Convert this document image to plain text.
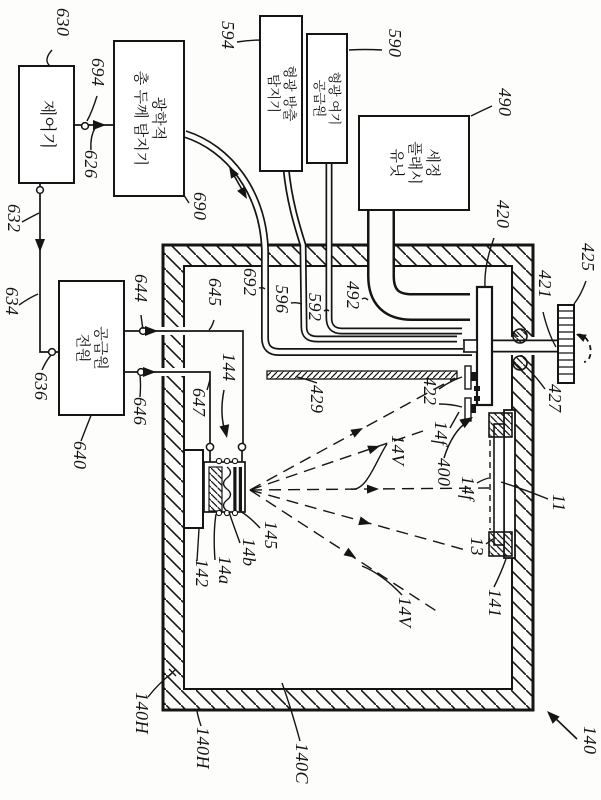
제어기	광학적
총 두께 탐지기	형광 방출
탐지기	형광 여기
공급원
세정
플래시
유닛
공급원
전원
630
694
626
632
634
636
640
644
646
645
647
690
692
596 592 492
594	590
490
429
144
145
14b
14a
142
420
421
425
427
422
400
14f
14f
11
13
141
14V
14V
140H
140H	140C
140
